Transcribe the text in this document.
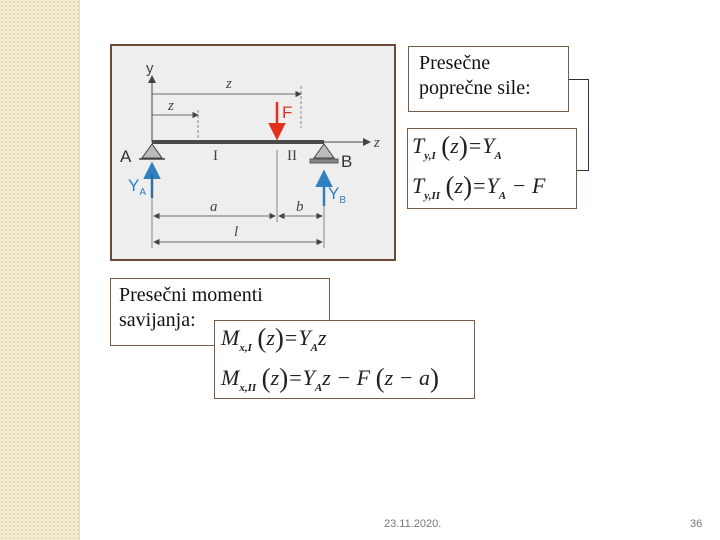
y
z
z
z
F
I	II
A	B
$Y_A$	$Y_B$
a	b
l
Presečne
poprečne sile:
$T_{y,I}$ $(z)=Y_A$
$T_{y,II}$ $(z)=Y_A - F$
Presečni momenti
savijanja:
$M_{x,I}$ $(z)=Y_Az$
$M_{x,II}$ $(z)=Y_Az - F$ (z − a)
23.11.2020.	36
